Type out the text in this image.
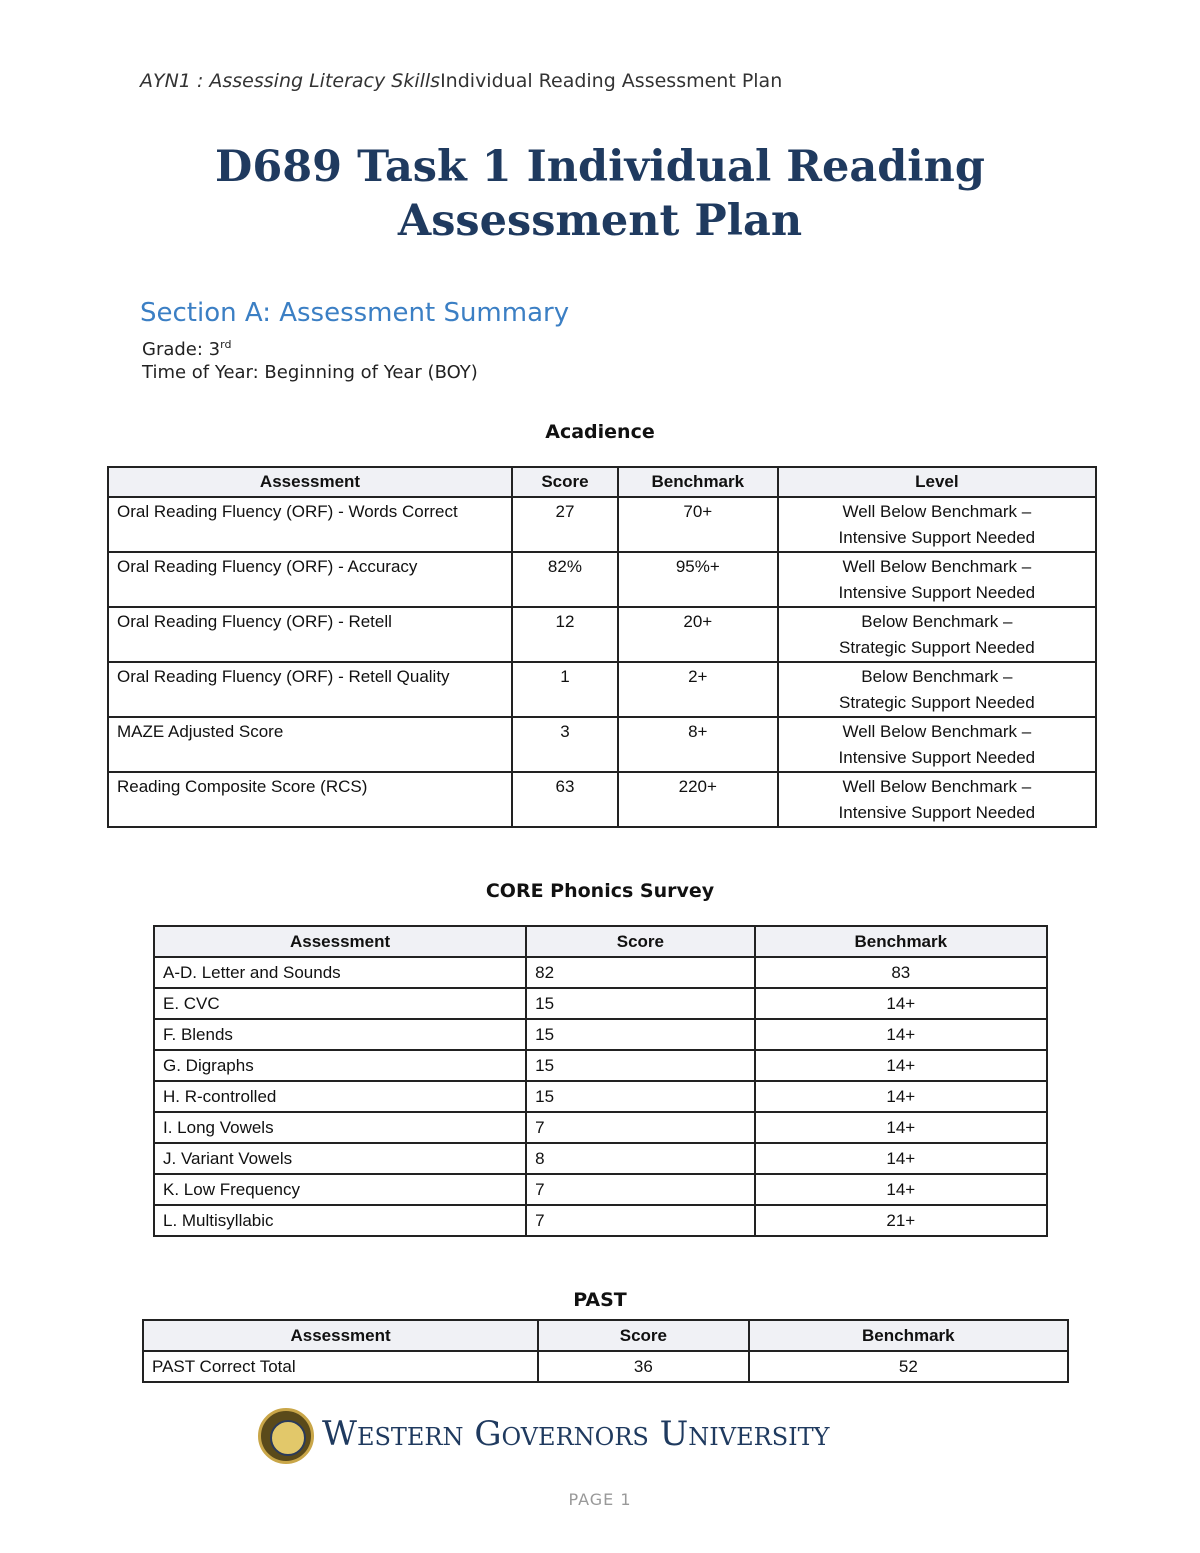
AYN1 : Assessing Literacy SkillsIndividual Reading Assessment Plan
D689 Task 1 Individual Reading
Assessment Plan
Section A: Assessment Summary
Grade: 3rd
Time of Year: Beginning of Year (BOY)
Acadience
Assessment	Score	Benchmark	Level
Oral Reading Fluency (ORF) - Words Correct	27	70+	Well Below Benchmark –
Intensive Support Needed
Oral Reading Fluency (ORF) - Accuracy	82%	95%+	Well Below Benchmark –
Intensive Support Needed
Oral Reading Fluency (ORF) - Retell	12	20+	Below Benchmark –
Strategic Support Needed
Oral Reading Fluency (ORF) - Retell Quality	1	2+	Below Benchmark –
Strategic Support Needed
MAZE Adjusted Score	3	8+	Well Below Benchmark –
Intensive Support Needed
Reading Composite Score (RCS)	63	220+	Well Below Benchmark –
Intensive Support Needed
CORE Phonics Survey
Assessment	Score	Benchmark
A-D. Letter and Sounds	82	83
E. CVC	15	14+
F. Blends	15	14+
G. Digraphs	15	14+
H. R-controlled	15	14+
I. Long Vowels	7	14+
J. Variant Vowels	8	14+
K. Low Frequency	7	14+
L. Multisyllabic	7	21+
PAST
Assessment	Score	Benchmark
PAST Correct Total	36	52
Western Governors University
PAGE 1
